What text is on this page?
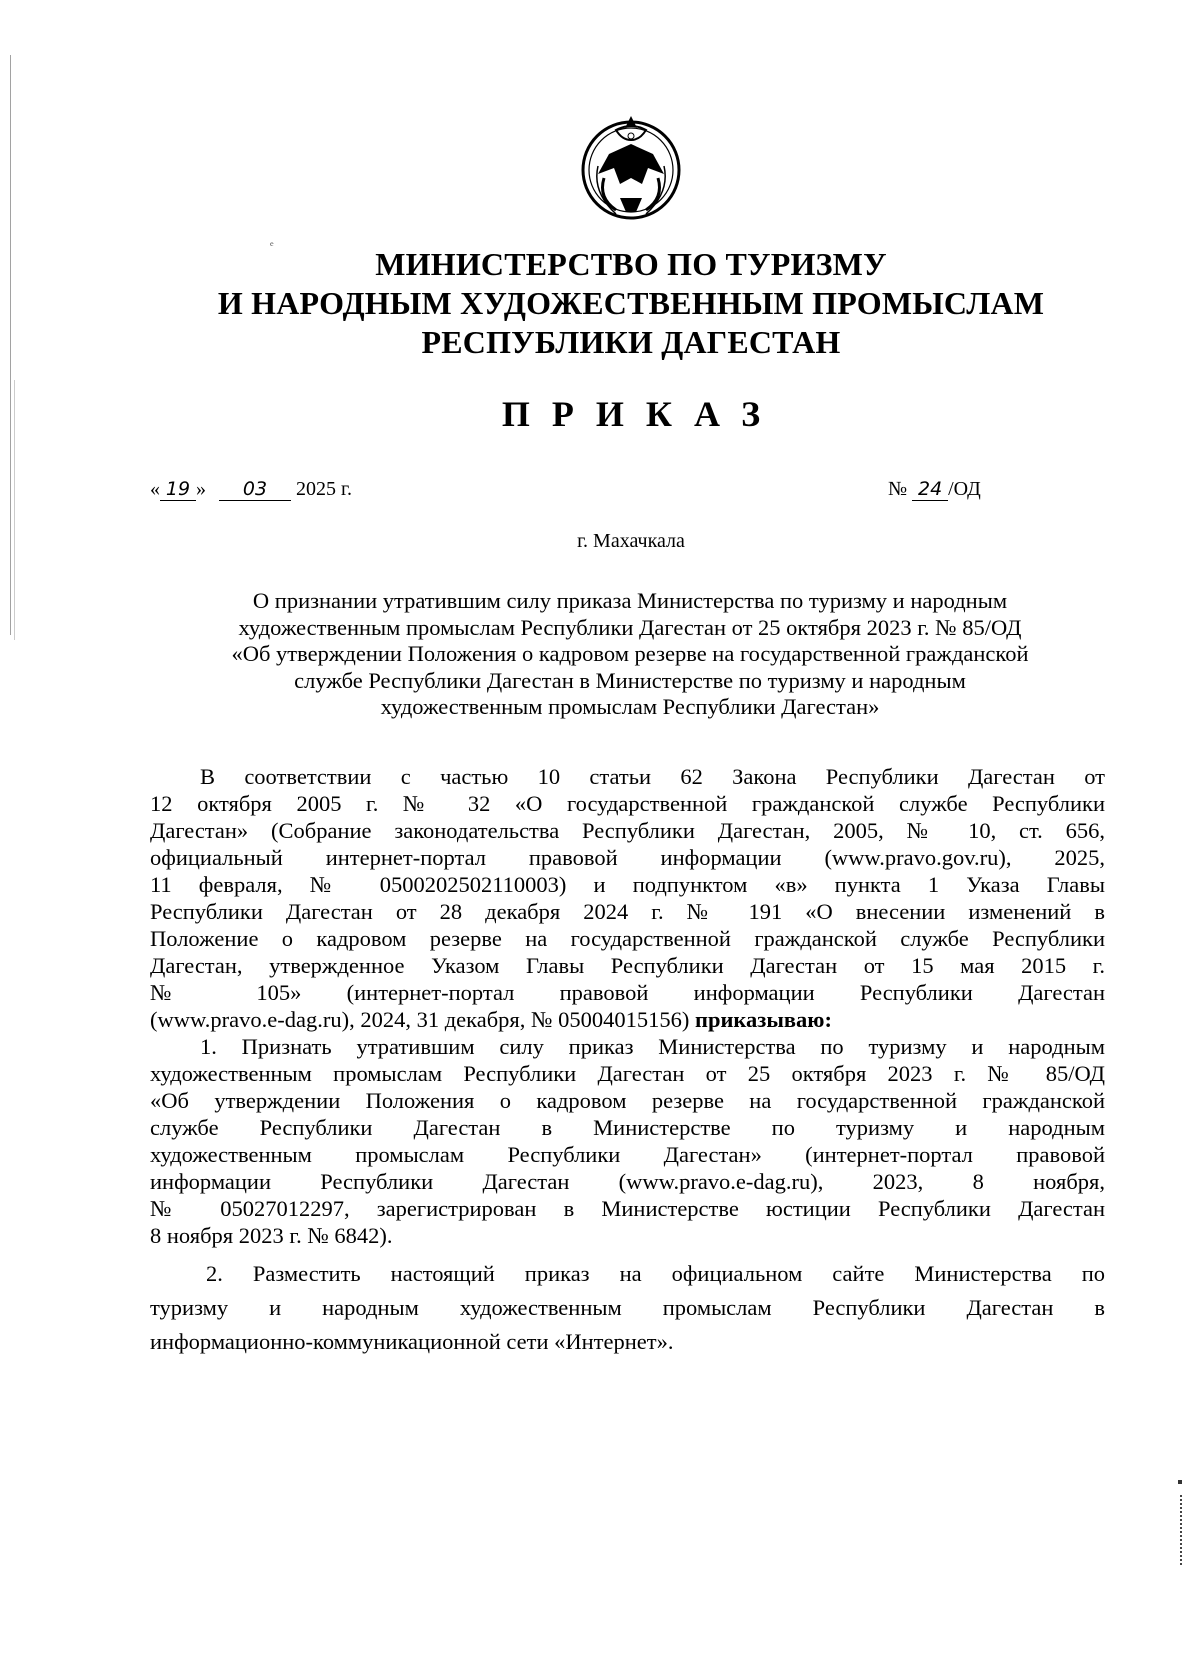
ₑ
МИНИСТЕРСТВО ПО ТУРИЗМУ
И НАРОДНЫМ ХУДОЖЕСТВЕННЫМ ПРОМЫСЛАМ
РЕСПУБЛИКИ ДАГЕСТАН
ПРИКАЗ
« 19 » 03 2025 г.	№ 24 /ОД
г. Махачкала
О признании утратившим силу приказа Министерства по туризму и народным
художественным промыслам Республики Дагестан от 25 октября 2023 г. № 85/ОД
«Об утверждении Положения о кадровом резерве на государственной гражданской
службе Республики Дагестан в Министерстве по туризму и народным
художественным промыслам Республики Дагестан»
В соответствии с частью 10 статьи 62 Закона Республики Дагестан от
12 октября 2005 г. № 32 «О государственной гражданской службе Республики
Дагестан» (Собрание законодательства Республики Дагестан, 2005, № 10, ст. 656,
официальный интернет-портал правовой информации (www.pravo.gov.ru), 2025,
11 февраля, № 0500202502110003) и подпунктом «в» пункта 1 Указа Главы
Республики Дагестан от 28 декабря 2024 г. № 191 «О внесении изменений в
Положение о кадровом резерве на государственной гражданской службе Республики
Дагестан, утвержденное Указом Главы Республики Дагестан от 15 мая 2015 г.
№ 105» (интернет-портал правовой информации Республики Дагестан
(www.pravo.e-dag.ru), 2024, 31 декабря, № 05004015156) приказываю:
1. Признать утратившим силу приказ Министерства по туризму и народным
художественным промыслам Республики Дагестан от 25 октября 2023 г. № 85/ОД
«Об утверждении Положения о кадровом резерве на государственной гражданской
службе Республики Дагестан в Министерстве по туризму и народным
художественным промыслам Республики Дагестан» (интернет-портал правовой
информации Республики Дагестан (www.pravo.e-dag.ru), 2023, 8 ноября,
№ 05027012297, зарегистрирован в Министерстве юстиции Республики Дагестан
8 ноября 2023 г. № 6842).
2. Разместить настоящий приказ на официальном сайте Министерства по
туризму и народным художественным промыслам Республики Дагестан в
информационно-коммуникационной сети «Интернет».
